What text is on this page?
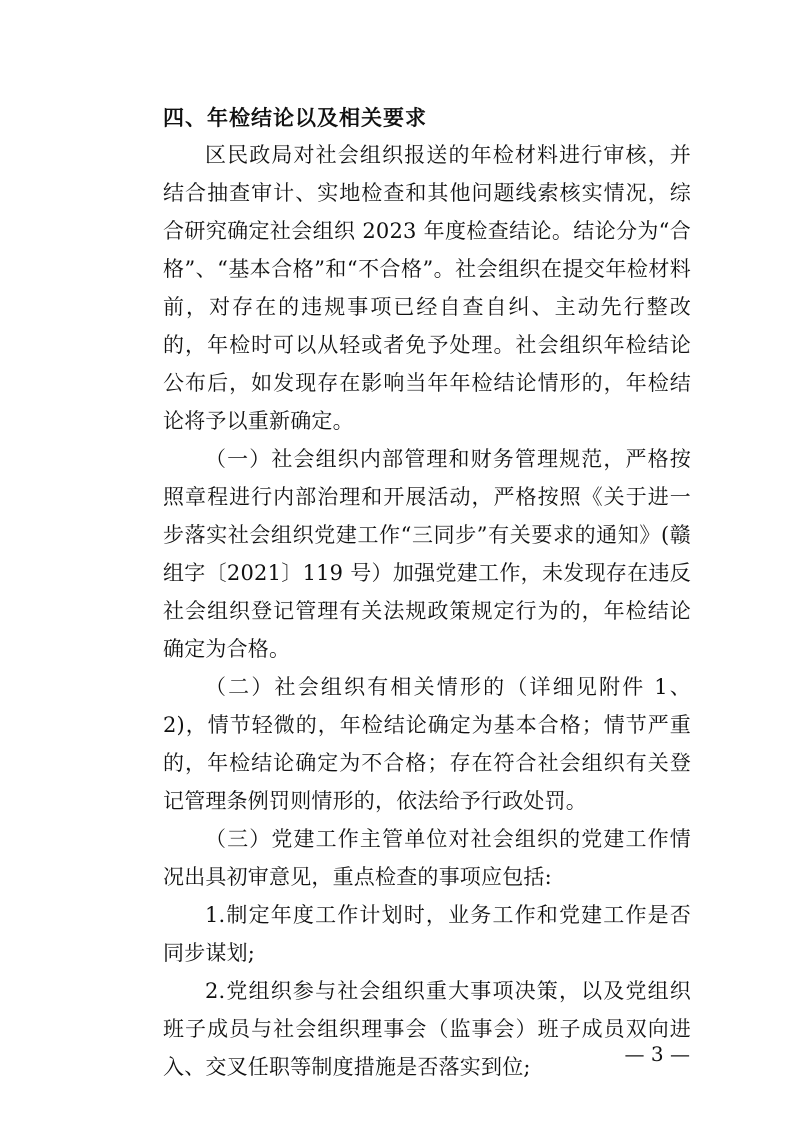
四、年检结论以及相关要求

区民政局对社会组织报送的年检材料进行审核，并结合抽查审计、实地检查和其他问题线索核实情况，综合研究确定社会组织 2023 年度检查结论。结论分为“合格”、“基本合格”和“不合格”。社会组织在提交年检材料前，对存在的违规事项已经自查自纠、主动先行整改的，年检时可以从轻或者免予处理。社会组织年检结论公布后，如发现存在影响当年年检结论情形的，年检结论将予以重新确定。

（一）社会组织内部管理和财务管理规范，严格按照章程进行内部治理和开展活动，严格按照《关于进一步落实社会组织党建工作“三同步”有关要求的通知》(赣组字〔2021〕119 号）加强党建工作，未发现存在违反社会组织登记管理有关法规政策规定行为的，年检结论确定为合格。

（二）社会组织有相关情形的（详细见附件 1、2)，情节轻微的，年检结论确定为基本合格；情节严重的，年检结论确定为不合格；存在符合社会组织有关登记管理条例罚则情形的，依法给予行政处罚。

（三）党建工作主管单位对社会组织的党建工作情况出具初审意见，重点检查的事项应包括:

1.制定年度工作计划时，业务工作和党建工作是否同步谋划;

2.党组织参与社会组织重大事项决策，以及党组织班子成员与社会组织理事会（监事会）班子成员双向进入、交叉任职等制度措施是否落实到位;

— 3 —
